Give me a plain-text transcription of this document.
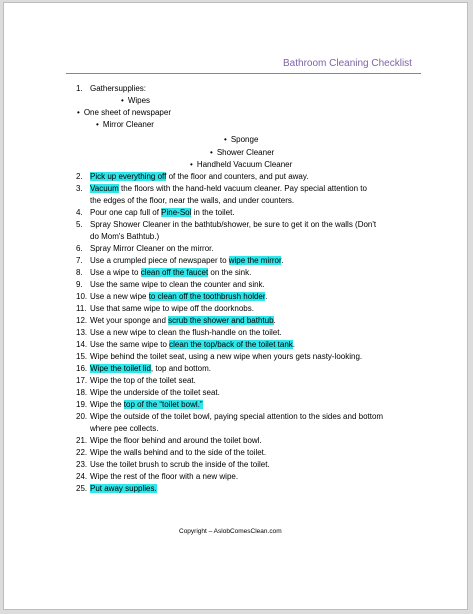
Bathroom Cleaning Checklist
1. Gathersupplies:
• Wipes
• One sheet of newspaper
• Mirror Cleaner
• Sponge
• Shower Cleaner
• Handheld Vacuum Cleaner
2. Pick up everything off of the floor and counters, and put away.
3. Vacuum the floors with the hand-held vacuum cleaner. Pay special attention to
the edges of the floor, near the walls, and under counters.
4. Pour one cap full of Pine-Sol in the toilet.
5. Spray Shower Cleaner in the bathtub/shower, be sure to get it on the walls (Don't
do Mom's Bathtub.)
6. Spray Mirror Cleaner on the mirror.
7. Use a crumpled piece of newspaper to wipe the mirror.
8. Use a wipe to clean off the faucet on the sink.
9. Use the same wipe to clean the counter and sink.
10. Use a new wipe to clean off the toothbrush holder.
11. Use that same wipe to wipe off the doorknobs.
12. Wet your sponge and scrub the shower and bathtub.
13. Use a new wipe to clean the flush-handle on the toilet.
14. Use the same wipe to clean the top/back of the toilet tank.
15. Wipe behind the toilet seat, using a new wipe when yours gets nasty-looking.
16. Wipe the toilet lid, top and bottom.
17. Wipe the top of the toilet seat.
18. Wipe the underside of the toilet seat.
19. Wipe the top of the “toilet bowl.”
20. Wipe the outside of the toilet bowl, paying special attention to the sides and bottom
where pee collects.
21. Wipe the floor behind and around the toilet bowl.
22. Wipe the walls behind and to the side of the toilet.
23. Use the toilet brush to scrub the inside of the toilet.
24. Wipe the rest of the floor with a new wipe.
25. Put away supplies.
Copyright – AslobComesClean.com
